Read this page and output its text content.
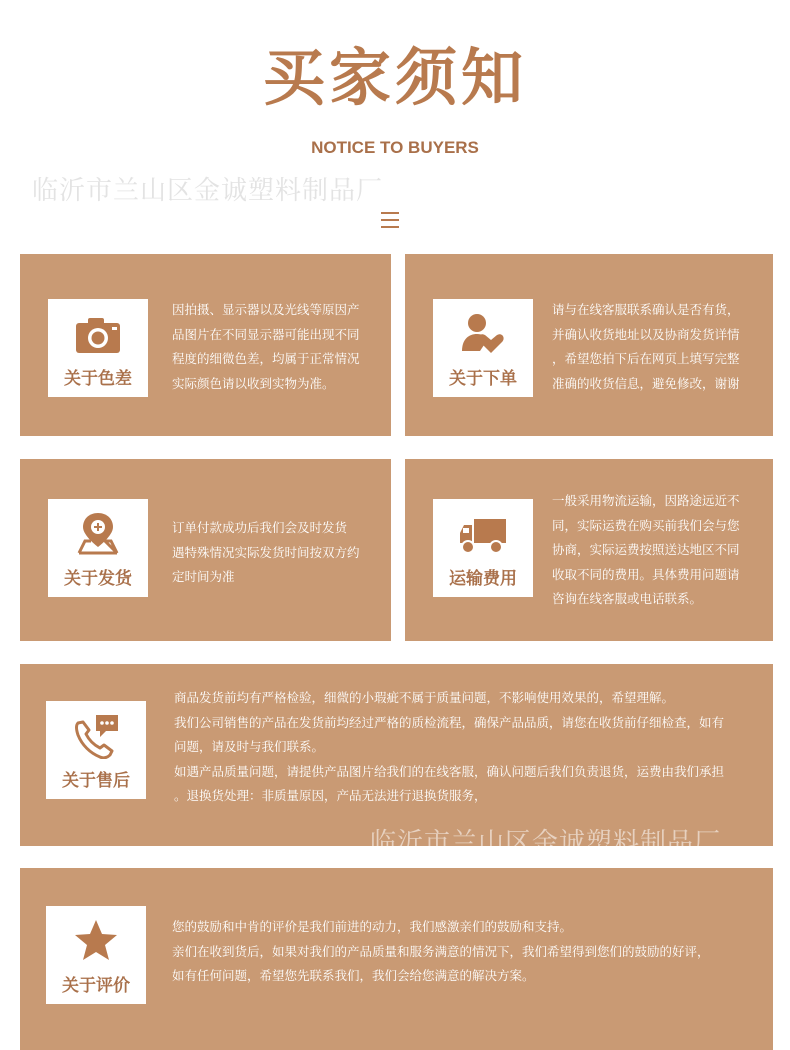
买家须知
NOTICE TO BUYERS
临沂市兰山区金诚塑料制品厂
关于色差

因拍摄、显示器以及光线等原因产

品图片在不同显示器可能出现不同

程度的细微色差，均属于正常情况

实际颜色请以收到实物为准。	关于下单

请与在线客服联系确认是否有货，

并确认收货地址以及协商发货详情

，希望您拍下后在网页上填写完整

准确的收货信息，避免修改，谢谢

关于发货

订单付款成功后我们会及时发货

遇特殊情况实际发货时间按双方约

定时间为准	运输费用

一般采用物流运输，因路途远近不

同，实际运费在购买前我们会与您

协商，实际运费按照送达地区不同

收取不同的费用。具体费用问题请

咨询在线客服或电话联系。

关于售后

商品发货前均有严格检验，细微的小瑕疵不属于质量问题，不影响使用效果的，希望理解。

我们公司销售的产品在发货前均经过严格的质检流程，确保产品品质，请您在收货前仔细检查，如有

问题，请及时与我们联系。

如遇产品质量问题，请提供产品图片给我们的在线客服，确认问题后我们负责退货，运费由我们承担

。退换货处理：非质量原因，产品无法进行退换货服务，

临沂市兰山区金诚塑料制品厂
关于评价

您的鼓励和中肯的评价是我们前进的动力，我们感激亲们的鼓励和支持。

亲们在收到货后，如果对我们的产品质量和服务满意的情况下，我们希望得到您们的鼓励的好评，

如有任何问题，希望您先联系我们，我们会给您满意的解决方案。
